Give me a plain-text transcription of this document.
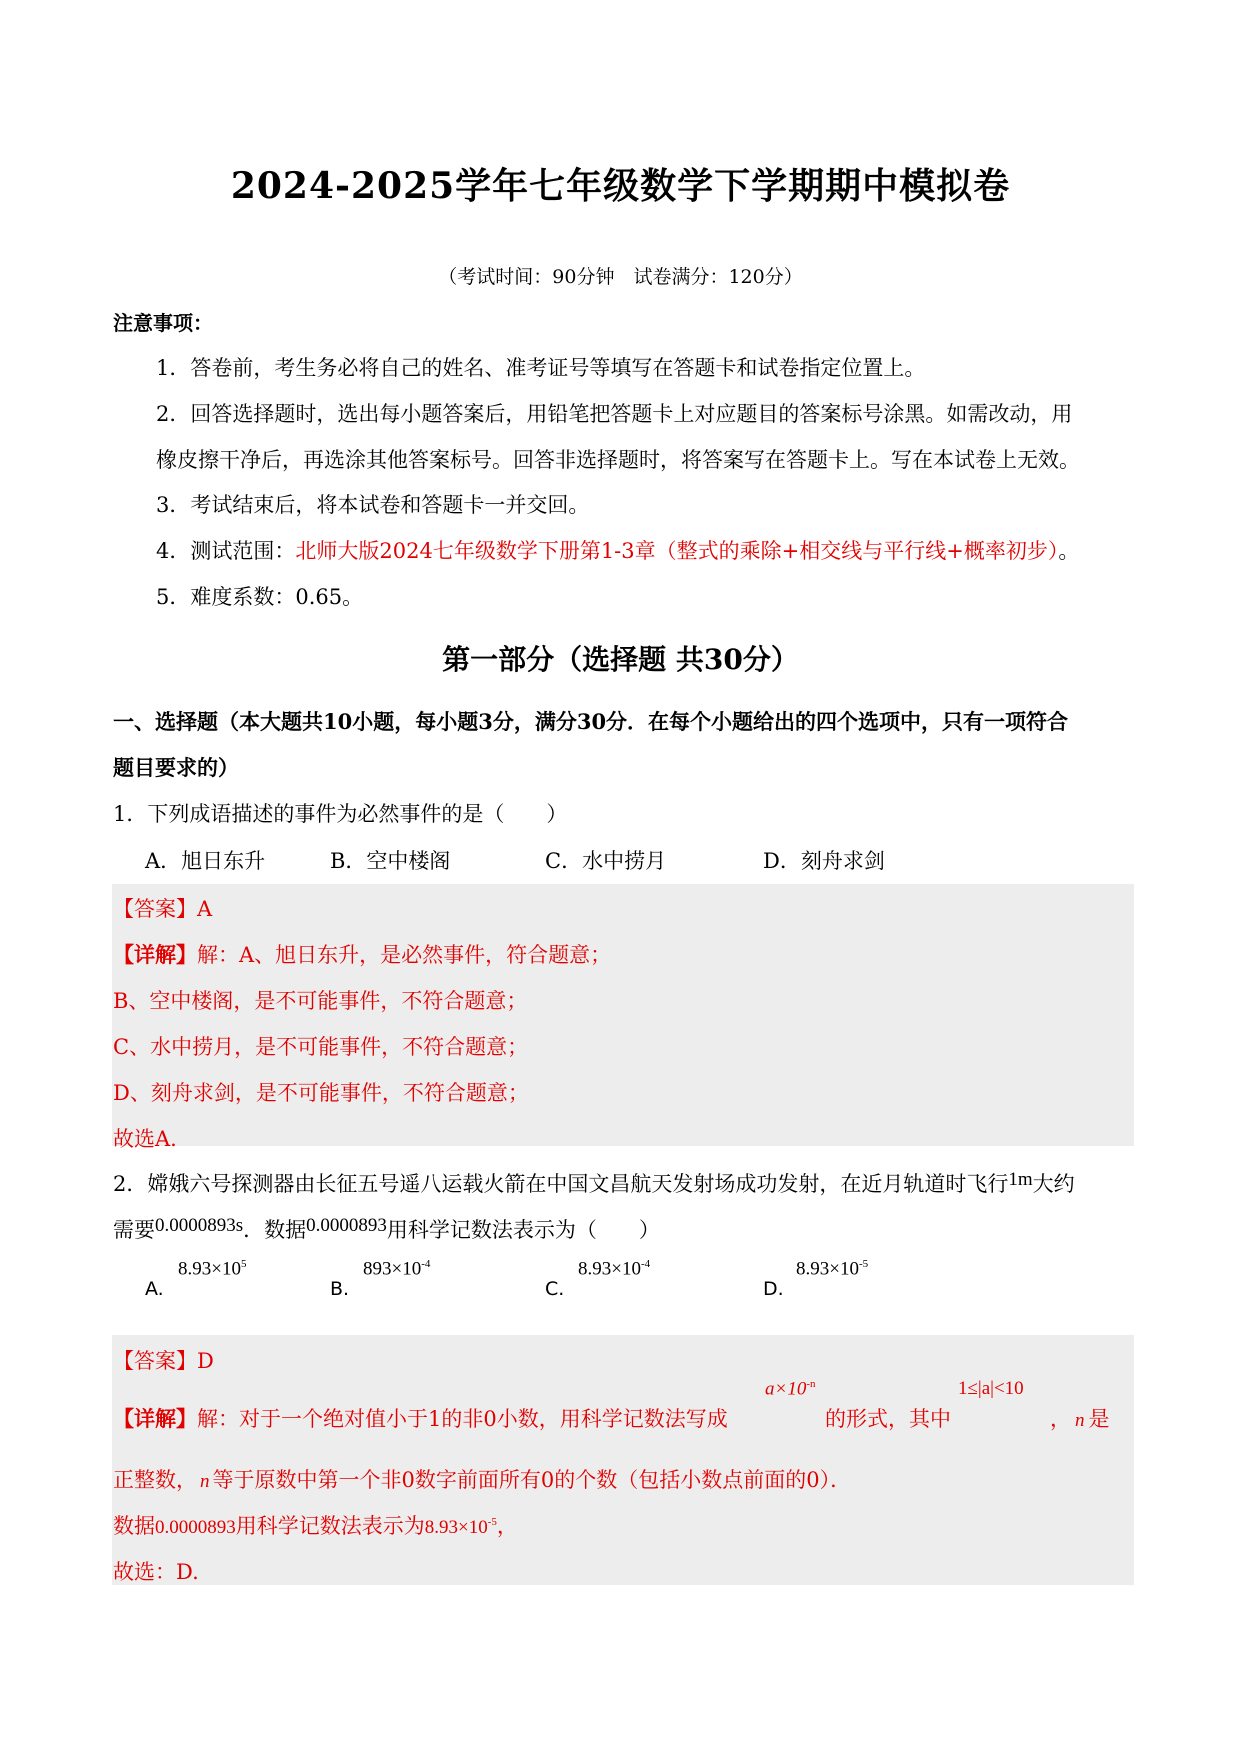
2024-2025学年七年级数学下学期期中模拟卷
（考试时间：90分钟　试卷满分：120分）
注意事项：
1．答卷前，考生务必将自己的姓名、准考证号等填写在答题卡和试卷指定位置上。
2．回答选择题时，选出每小题答案后，用铅笔把答题卡上对应题目的答案标号涂黑。如需改动，用
橡皮擦干净后，再选涂其他答案标号。回答非选择题时，将答案写在答题卡上。写在本试卷上无效。
3．考试结束后，将本试卷和答题卡一并交回。
4．测试范围：北师大版2024七年级数学下册第1-3章（整式的乘除+相交线与平行线+概率初步）。
5．难度系数：0.65。
第一部分（选择题 共30分）
一、选择题（本大题共10小题，每小题3分，满分30分．在每个小题给出的四个选项中，只有一项符合
题目要求的）
1．下列成语描述的事件为必然事件的是（　　）
A．旭日东升	B．空中楼阁	C．水中捞月	D．刻舟求剑
【答案】A
【详解】解：A、旭日东升，是必然事件，符合题意；
B、空中楼阁，是不可能事件，不符合题意；
C、水中捞月，是不可能事件，不符合题意；
D、刻舟求剑，是不可能事件，不符合题意；
故选A.
2．嫦娥六号探测器由长征五号遥八运载火箭在中国文昌航天发射场成功发射，在近月轨道时飞行1m大约
需要0.0000893s．数据0.0000893用科学记数法表示为（　　）
A.
$8.93\times 10^5$
B.
$893\times 10^{-4}$
C.
$8.93\times 10^{-4}$
D.
$8.93\times 10^{-5}$
【答案】D
$a\times 10^{-n}$	1≤|a|<10
【详解】解：对于一个绝对值小于1的非0小数，用科学记数法写成	的形式，其中	， n 是
正整数， n 等于原数中第一个非0数字前面所有0的个数（包括小数点前面的0）．
数据0.0000893用科学记数法表示为$8.93\times 10^{-5}$，
故选：D.
